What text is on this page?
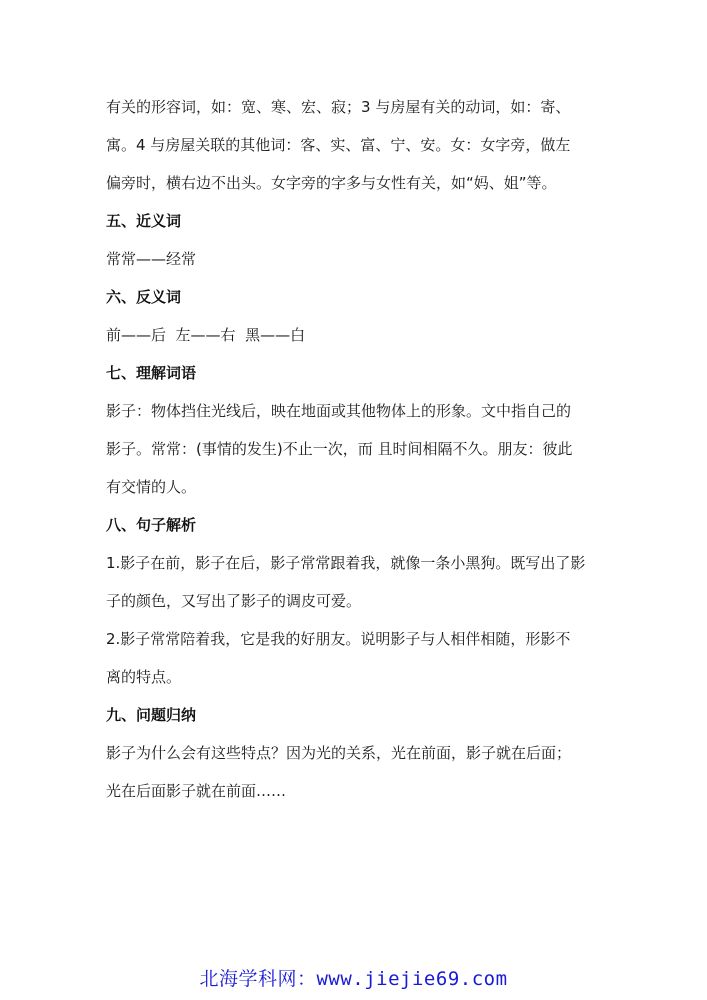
有关的形容词，如：宽、寒、宏、寂；3 与房屋有关的动词，如：寄、
寓。4 与房屋关联的其他词：客、实、富、宁、安。女：女字旁，做左
偏旁时，横右边不出头。女字旁的字多与女性有关，如“妈、姐”等。

五、近义词

常常——经常

六、反义词

前——后  左——右  黑——白

七、理解词语

影子：物体挡住光线后，映在地面或其他物体上的形象。文中指自己的
影子。常常：(事情的发生)不止一次，而 且时间相隔不久。朋友：彼此
有交情的人。

八、句子解析

1.影子在前，影子在后，影子常常跟着我，就像一条小黑狗。既写出了影
子的颜色，又写出了影子的调皮可爱。

2.影子常常陪着我，它是我的好朋友。说明影子与人相伴相随，形影不
离的特点。

九、问题归纳

影子为什么会有这些特点？因为光的关系，光在前面，影子就在后面；
光在后面影子就在前面……

北海学科网：www.jiejie69.com
